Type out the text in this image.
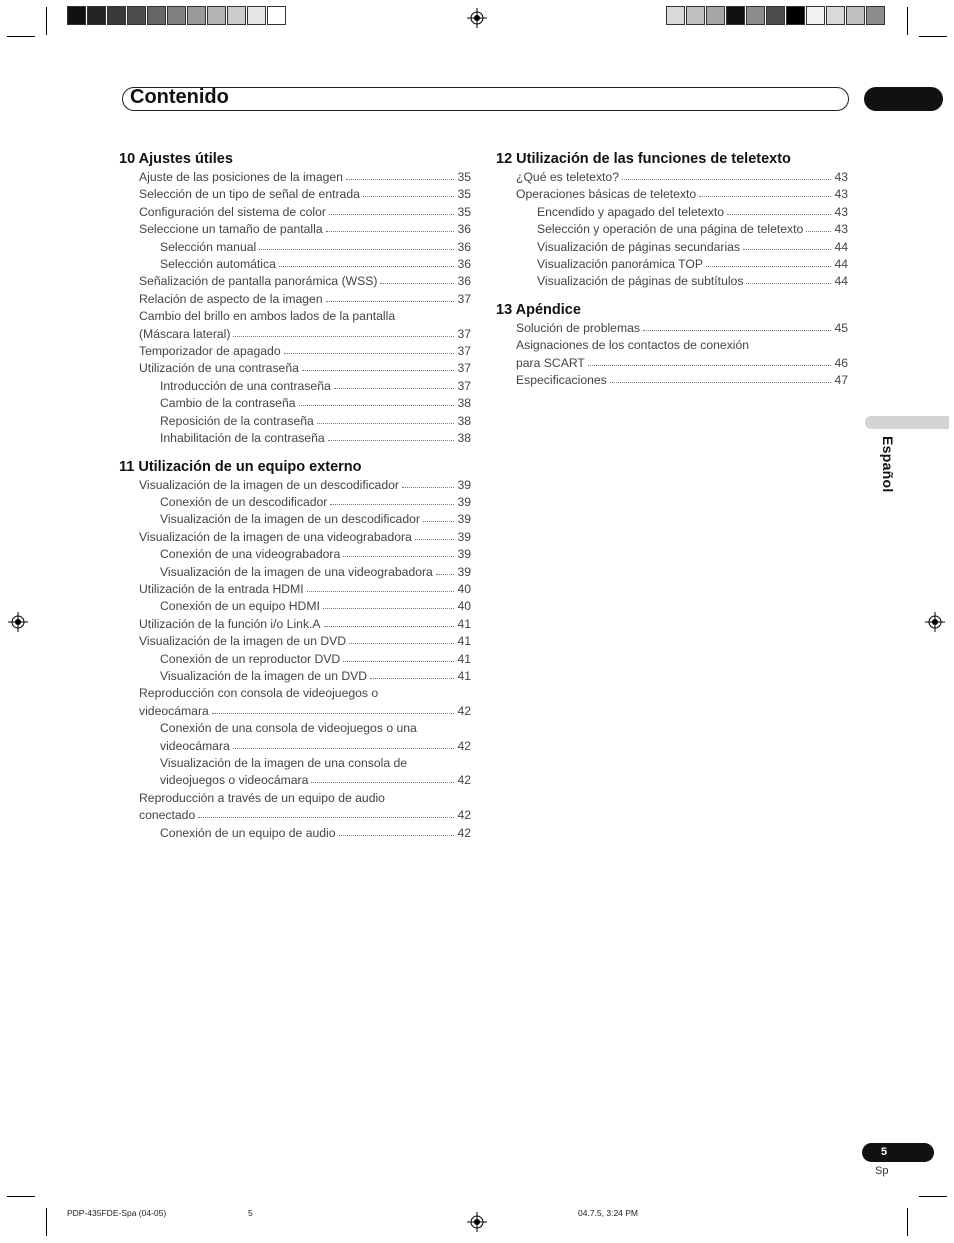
Contenido
Español
10 Ajustes útiles
Ajuste de las posiciones de la imagen	35
Selección de un tipo de señal de entrada	35
Configuración del sistema de color	35
Seleccione un tamaño de pantalla	36
Selección manual	36
Selección automática	36
Señalización de pantalla panorámica (WSS)	36
Relación de aspecto de la imagen	37
Cambio del brillo en ambos lados de la pantalla
(Máscara lateral)	37
Temporizador de apagado	37
Utilización de una contraseña	37
Introducción de una contraseña	37
Cambio de la contraseña	38
Reposición de la contraseña	38
Inhabilitación de la contraseña	38
11 Utilización de un equipo externo
Visualización de la imagen de un descodificador	39
Conexión de un descodificador	39
Visualización de la imagen de un descodificador	39
Visualización de la imagen de una videograbadora	39
Conexión de una videograbadora	39
Visualización de la imagen de una videograbadora 39
Utilización de la entrada HDMI	40
Conexión de un equipo HDMI	40
Utilización de la función i/o Link.A	41
Visualización de la imagen de un DVD	41
Conexión de un reproductor DVD	41
Visualización de la imagen de un DVD	41
Reproducción con consola de videojuegos o
videocámara	42
Conexión de una consola de videojuegos o una
videocámara	42
Visualización de la imagen de una consola de
videojuegos o videocámara	42
Reproducción a través de un equipo de audio
conectado	42
Conexión de un equipo de audio	42
12 Utilización de las funciones de teletexto
¿Qué es teletexto?	43
Operaciones básicas de teletexto	43
Encendido y apagado del teletexto	43
Selección y operación de una página de teletexto	43
Visualización de páginas secundarias	44
Visualización panorámica TOP	44
Visualización de páginas de subtítulos	44
13 Apéndice
Solución de problemas	45
Asignaciones de los contactos de conexión
para SCART	46
Especificaciones	47
5
Sp
PDP-435FDE-Spa (04-05)	5	04.7.5, 3:24 PM
